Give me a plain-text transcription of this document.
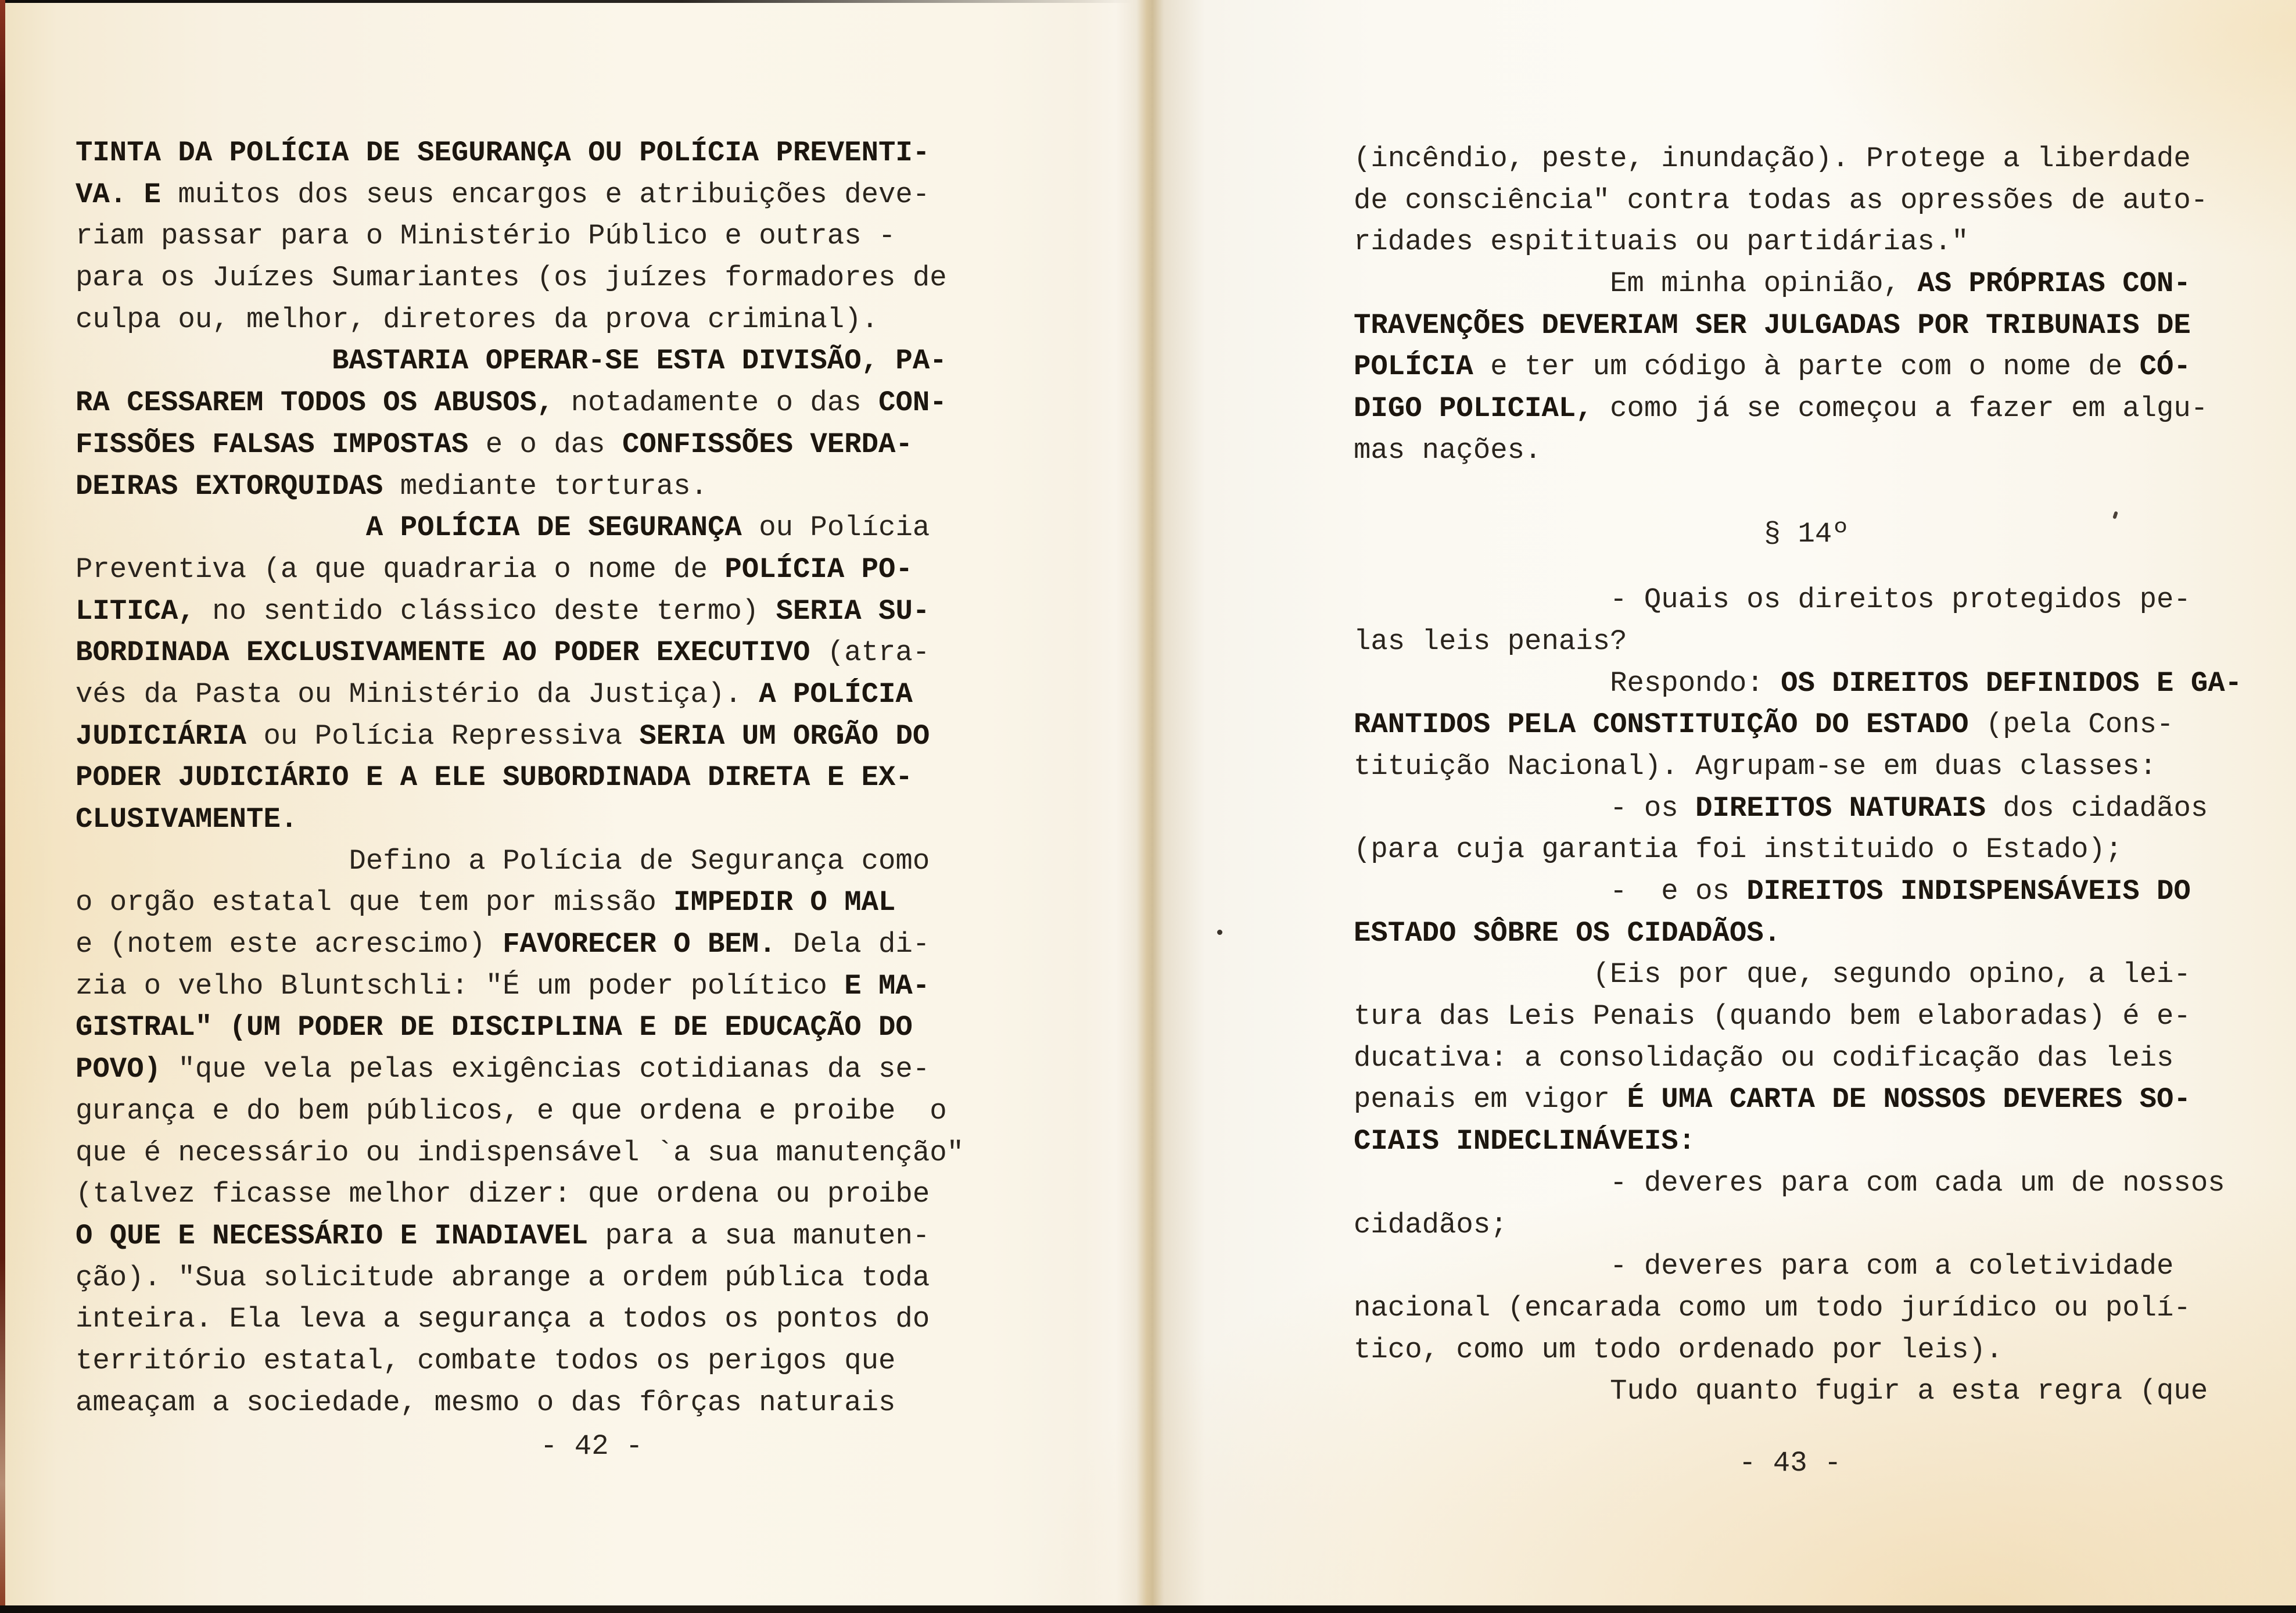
TINTA DA POLÍCIA DE SEGURANÇA OU POLÍCIA PREVENTI-
VA. E muitos dos seus encargos e atribuições deve-
riam passar para o Ministério Público e outras -
para os Juízes Sumariantes (os juízes formadores de
culpa ou, melhor, diretores da prova criminal).
BASTARIA OPERAR-SE ESTA DIVISÃO, PA-
RA CESSAREM TODOS OS ABUSOS, notadamente o das CON-
FISSÕES FALSAS IMPOSTAS e o das CONFISSÕES VERDA-
DEIRAS EXTORQUIDAS mediante torturas.
A POLÍCIA DE SEGURANÇA ou Polícia
Preventiva (a que quadraria o nome de POLÍCIA PO-
LITICA, no sentido clássico deste termo) SERIA SU-
BORDINADA EXCLUSIVAMENTE AO PODER EXECUTIVO (atra-
vés da Pasta ou Ministério da Justiça). A POLÍCIA
JUDICIÁRIA ou Polícia Repressiva SERIA UM ORGÃO DO
PODER JUDICIÁRIO E A ELE SUBORDINADA DIRETA E EX-
CLUSIVAMENTE.
Defino a Polícia de Segurança como
o orgão estatal que tem por missão IMPEDIR O MAL
e (notem este acrescimo) FAVORECER O BEM. Dela di-
zia o velho Bluntschli: "É um poder político E MA-
GISTRAL" (UM PODER DE DISCIPLINA E DE EDUCAÇÃO DO
POVO) "que vela pelas exigências cotidianas da se-
gurança e do bem públicos, e que ordena e proibe  o
que é necessário ou indispensável `a sua manutenção"
(talvez ficasse melhor dizer: que ordena ou proibe
O QUE E NECESSÁRIO E INADIAVEL para a sua manuten-
ção). "Sua solicitude abrange a ordem pública toda
inteira. Ela leva a segurança a todos os pontos do
território estatal, combate todos os perigos que
ameaçam a sociedade, mesmo o das fôrças naturais
- 42 -
(incêndio, peste, inundação). Protege a liberdade
de consciência" contra todas as opressões de auto-
ridades espitituais ou partidárias."
Em minha opinião, AS PRÓPRIAS CON-
TRAVENÇÕES DEVERIAM SER JULGADAS POR TRIBUNAIS DE
POLÍCIA e ter um código à parte com o nome de CÓ-
DIGO POLICIAL, como já se começou a fazer em algu-
mas nações.
§ 14º
- Quais os direitos protegidos pe-
las leis penais?
Respondo: OS DIREITOS DEFINIDOS E GA-
RANTIDOS PELA CONSTITUIÇÃO DO ESTADO (pela Cons-
tituição Nacional). Agrupam-se em duas classes:
- os DIREITOS NATURAIS dos cidadãos
(para cuja garantia foi instituido o Estado);
-  e os DIREITOS INDISPENSÁVEIS DO
ESTADO SÔBRE OS CIDADÃOS.
(Eis por que, segundo opino, a lei-
tura das Leis Penais (quando bem elaboradas) é e-
ducativa: a consolidação ou codificação das leis
penais em vigor É UMA CARTA DE NOSSOS DEVERES SO-
CIAIS INDECLINÁVEIS:
- deveres para com cada um de nossos
cidadãos;
- deveres para com a coletividade
nacional (encarada como um todo jurídico ou polí-
tico, como um todo ordenado por leis).
Tudo quanto fugir a esta regra (que
- 43 -
